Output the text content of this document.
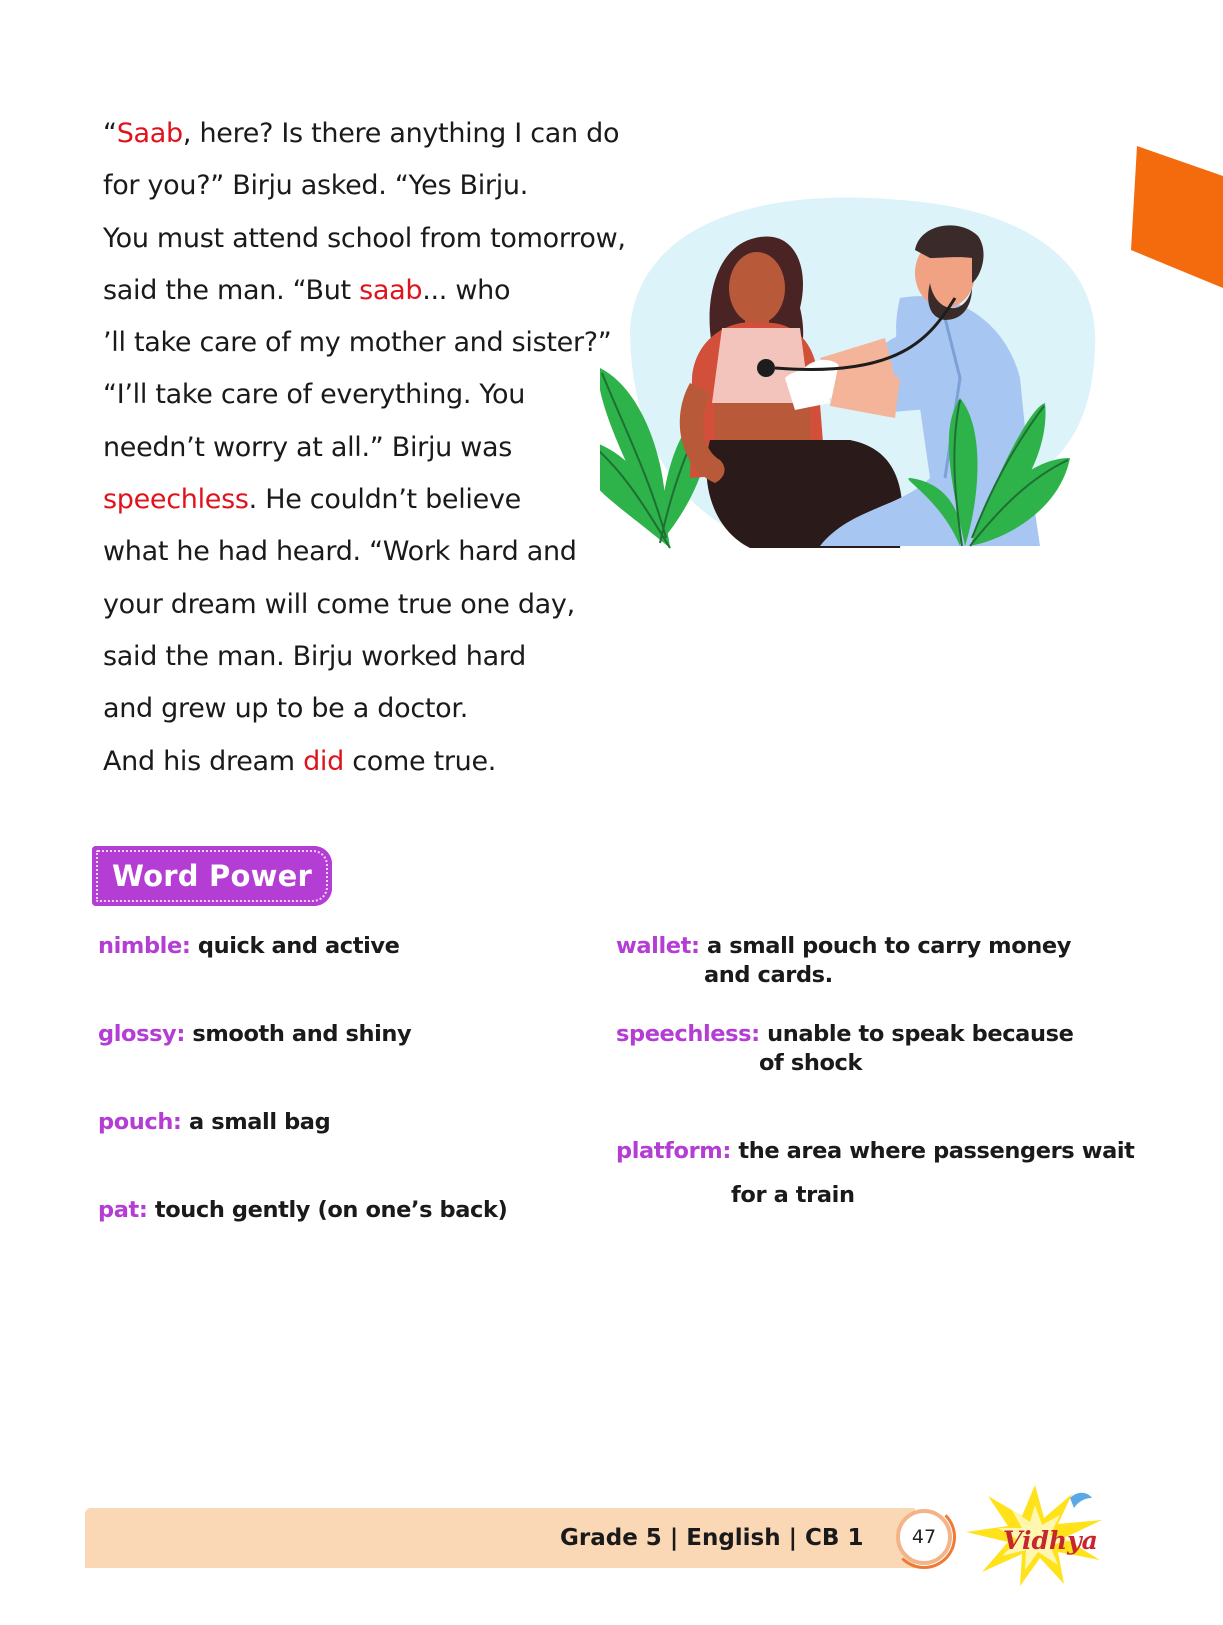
“Saab, here? Is there anything I can do
for you?” Birju asked. “Yes Birju.
You must attend school from tomorrow,
said the man. “But saab... who
’ll take care of my mother and sister?”
“I’ll take care of everything. You
needn’t worry at all.” Birju was
speechless. He couldn’t believe
what he had heard. “Work hard and
your dream will come true one day,
said the man. Birju worked hard
and grew up to be a doctor.
And his dream did come true.
Word Power
nimble: quick and active
glossy: smooth and shiny
pouch: a small bag
pat: touch gently (on one’s back)
wallet: a small pouch to carry money
and cards.
speechless: unable to speak because
of shock
platform: the area where passengers wait
for a train
Grade 5 | English | CB 1	47	Vidhya
